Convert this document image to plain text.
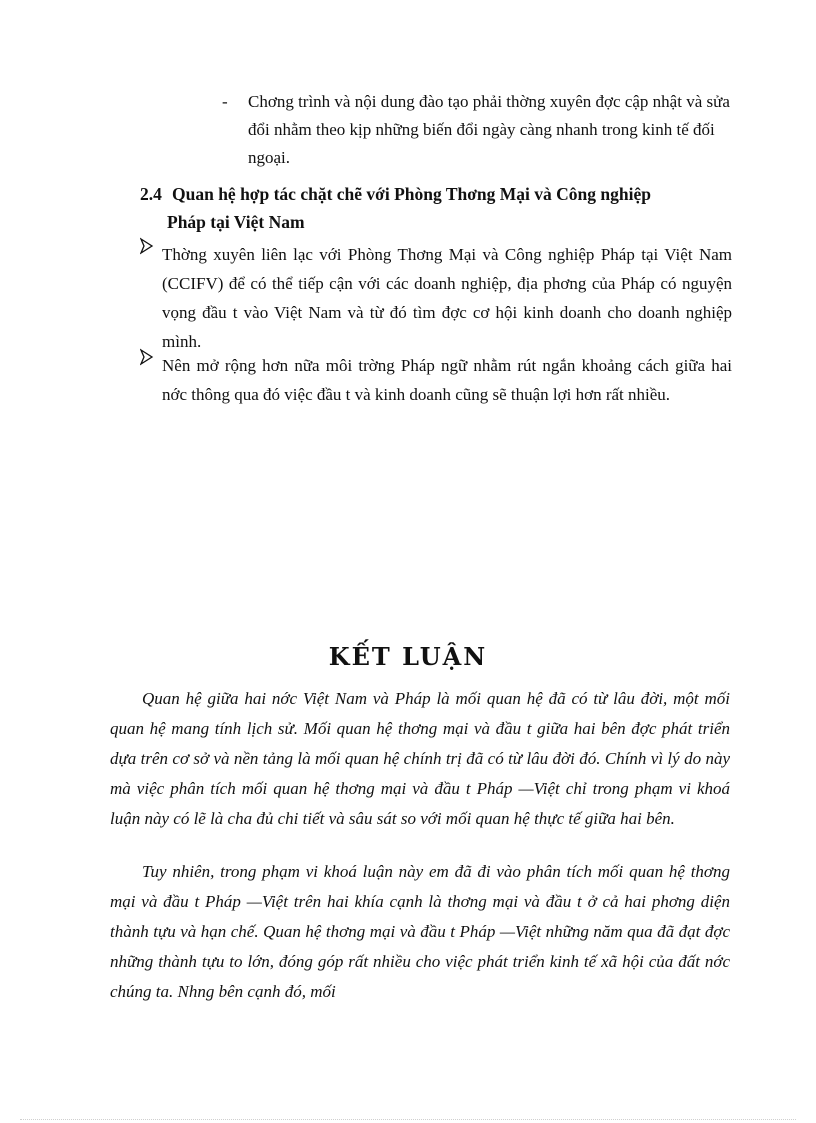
- Chơng trình và nội dung đào tạo phải thờng xuyên đợc cập nhật và sửa đổi nhằm theo kịp những biến đổi ngày càng nhanh trong kinh tế đối ngoại.
2.4 Quan hệ hợp tác chặt chẽ với Phòng Thơng Mại và Công nghiệp
Pháp tại Việt Nam
Thờng xuyên liên lạc với Phòng Thơng Mại và Công nghiệp Pháp tại Việt Nam (CCIFV) để có thể tiếp cận với các doanh nghiệp, địa phơng của Pháp có nguyện vọng đầu t vào Việt Nam và từ đó tìm đợc cơ hội kinh doanh cho doanh nghiệp mình.
Nên mở rộng hơn nữa môi trờng Pháp ngữ nhằm rút ngắn khoảng cách giữa hai nớc thông qua đó việc đầu t và kinh doanh cũng sẽ thuận lợi hơn rất nhiều.
KẾT LUẬN
Quan hệ giữa hai nớc Việt Nam và Pháp là mối quan hệ đã có từ lâu đời, một mối quan hệ mang tính lịch sử. Mối quan hệ thơng mại và đầu t giữa hai bên đợc phát triển dựa trên cơ sở và nền tảng là mối quan hệ chính trị đã có từ lâu đời đó. Chính vì lý do này mà việc phân tích mối quan hệ thơng mại và đầu t Pháp —Việt chỉ trong phạm vi khoá luận này có lẽ là cha đủ chi tiết và sâu sát so với mối quan hệ thực tế giữa hai bên.
Tuy nhiên, trong phạm vi khoá luận này em đã đi vào phân tích mối quan hệ thơng mại và đầu t Pháp —Việt trên hai khía cạnh là thơng mại và đầu t ở cả hai phơng diện thành tựu và hạn chế. Quan hệ thơng mại và đầu t Pháp —Việt những năm qua đã đạt đợc những thành tựu to lớn, đóng góp rất nhiều cho việc phát triển kinh tế xã hội của đất nớc chúng ta. Nhng bên cạnh đó, mối
